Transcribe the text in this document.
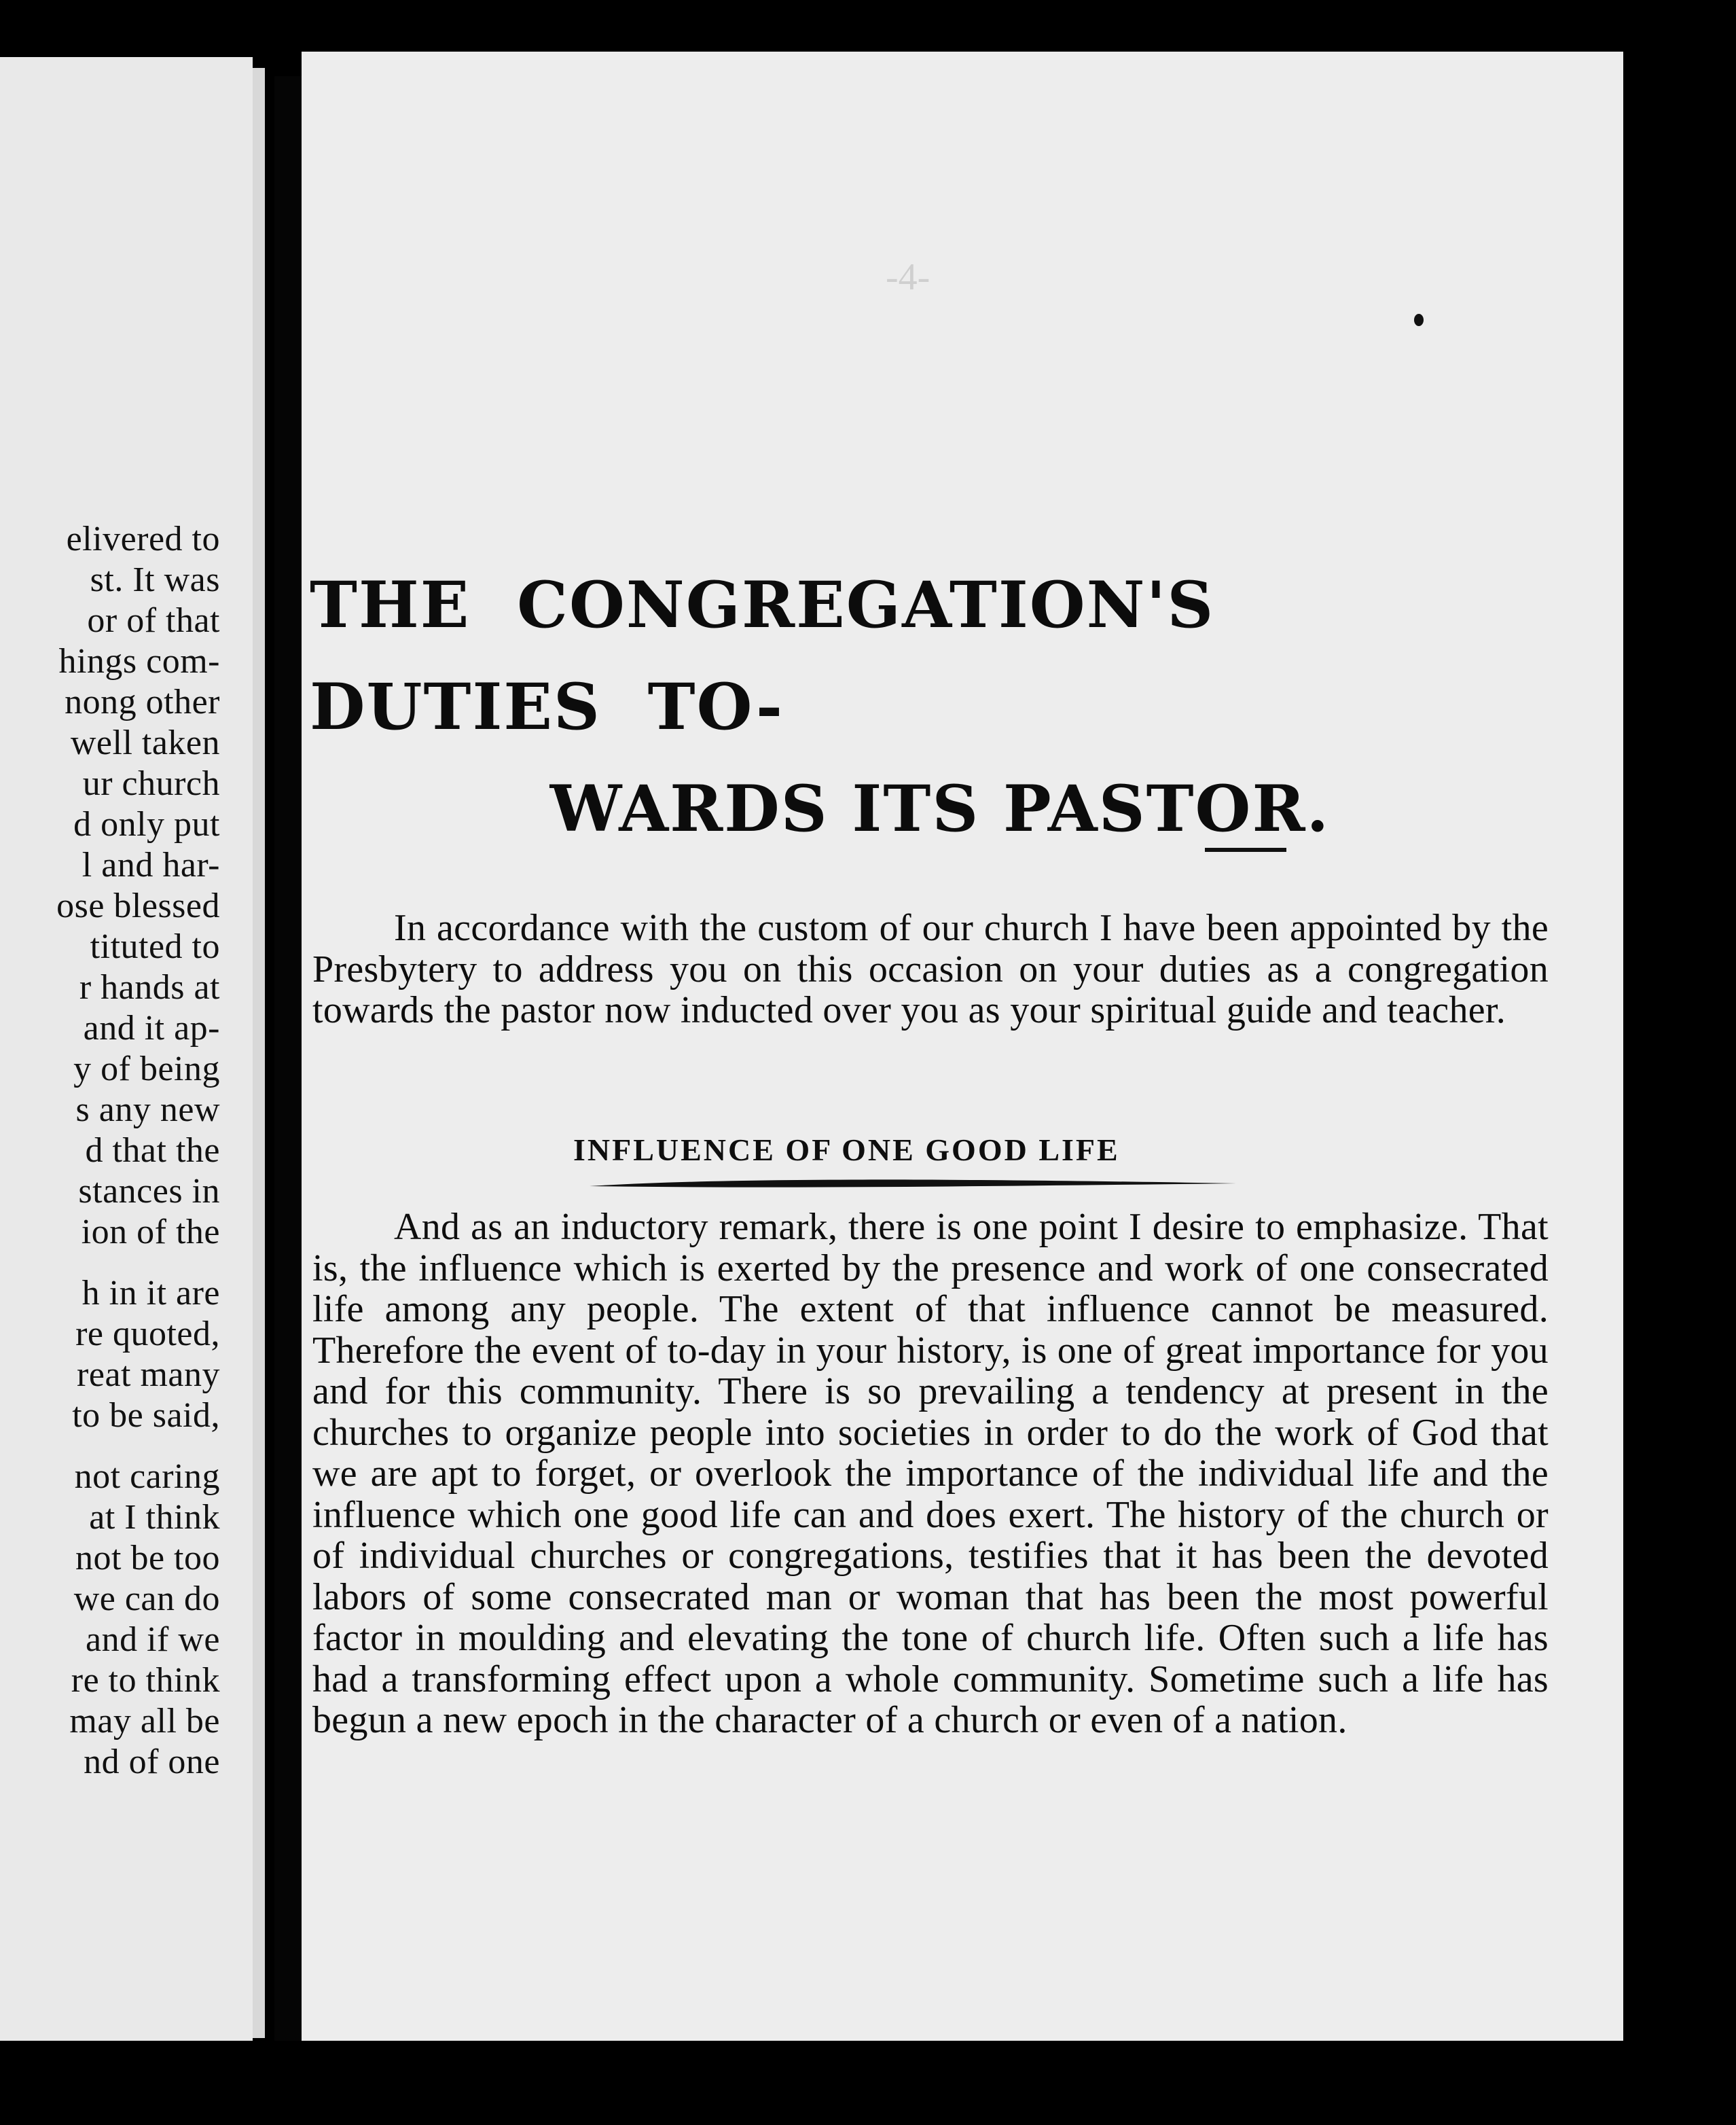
elivered to
st. It was
or of that
hings com-
nong other
well taken
ur church
d only put
l and har-
ose blessed
tituted to
r hands at
and it ap-
y of being
s any new
d that the
stances in
ion of the
h in it are
re quoted,
reat many
to be said,
not caring
at I think
not be too
we can do
and if we
re to think
may all be
nd of one
-4-
THE CONGREGATION'S DUTIES TO-
WARDS ITS PASTOR.

In accordance with the custom of our church I have been appointed by the Presbytery to address you on this occasion on your duties as a congregation towards the pastor now inducted over you as your spiritual guide and teacher.

INFLUENCE OF ONE GOOD LIFE

And as an inductory remark, there is one point I desire to emphasize. That is, the influence which is exerted by the presence and work of one consecrated life among any people. The extent of that influence cannot be measured. Therefore the event of to-day in your history, is one of great importance for you and for this community. There is so prevailing a tendency at present in the churches to organize people into societies in order to do the work of God that we are apt to forget, or overlook the importance of the individual life and the influence which one good life can and does exert. The history of the church or of individual churches or congregations, testifies that it has been the devoted labors of some consecrated man or woman that has been the most powerful factor in moulding and elevating the tone of church life. Often such a life has had a transforming effect upon a whole community. Sometime such a life has begun a new epoch in the character of a church or even of a nation.
